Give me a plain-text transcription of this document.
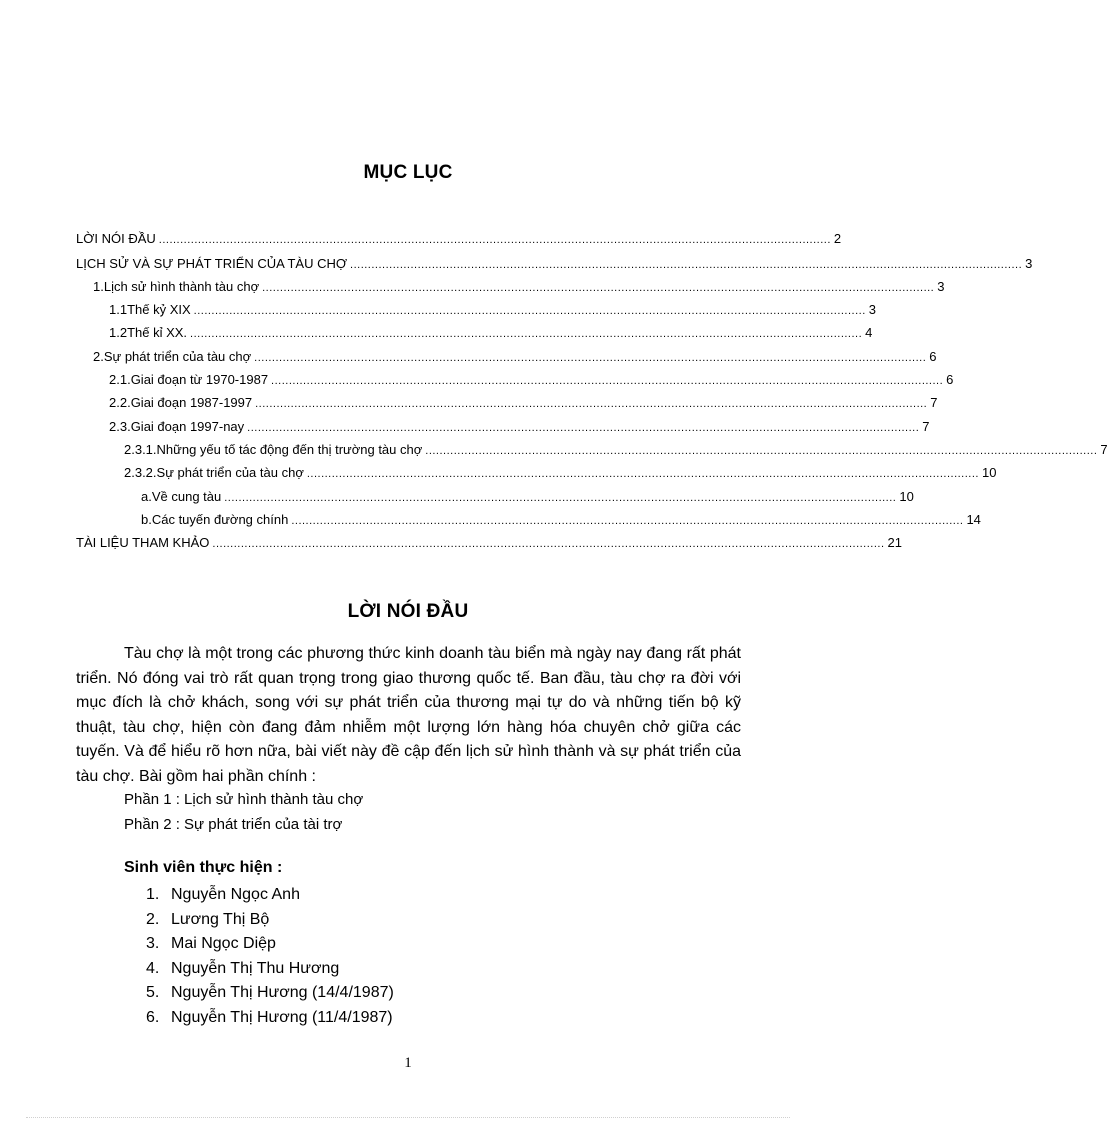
MỤC LỤC
LỜI NÓI ĐẦU ............................................................................................................................................................................................. 2
LỊCH SỬ VÀ SỰ PHÁT TRIỂN CỦA TÀU CHỢ ............................................................................................................................................................................................. 3
1. Lịch sử hình thành tàu chợ ............................................................................................................................................................................................. 3
1.1 Thế kỷ XIX ............................................................................................................................................................................................. 3
1.2 Thế kỉ XX. ............................................................................................................................................................................................. 4
2. Sự phát triển của tàu chợ ............................................................................................................................................................................................. 6
2.1. Giai đoạn từ 1970-1987 ............................................................................................................................................................................................. 6
2.2. Giai đoạn 1987-1997 ............................................................................................................................................................................................. 7
2.3. Giai đoạn 1997-nay ............................................................................................................................................................................................. 7
2.3.1. Những yếu tố tác động đến thị trường tàu chợ ............................................................................................................................................................................................. 7
2.3.2. Sự phát triển của tàu chợ ............................................................................................................................................................................................. 10
a. Về cung tàu ............................................................................................................................................................................................. 10
b. Các tuyến đường chính ............................................................................................................................................................................................. 14
TÀI LIỆU THAM KHẢO ............................................................................................................................................................................................. 21
LỜI NÓI ĐẦU

Tàu chợ là một trong các phương thức kinh doanh tàu biển mà ngày nay đang rất phát triển. Nó đóng vai trò rất quan trọng trong giao thương quốc tế. Ban đầu, tàu chợ ra đời với mục đích là chở khách, song với sự phát triển của thương mại tự do và những tiến bộ kỹ thuật, tàu chợ, hiện còn đang đảm nhiễm một lượng lớn hàng hóa chuyên chở giữa các tuyến. Và để hiểu rõ hơn nữa, bài viết này đề cập đến lịch sử hình thành và sự phát triển của tàu chợ. Bài gồm hai phần chính :

Phần 1 : Lịch sử hình thành tàu chợ
Phần 2 : Sự phát triển của tài trợ
Sinh viên thực hiện :
1. Nguyễn Ngọc Anh
2. Lương Thị Bộ
3. Mai Ngọc Diệp
4. Nguyễn Thị Thu Hương
5. Nguyễn Thị Hương (14/4/1987)
6. Nguyễn Thị Hương (11/4/1987)
1
